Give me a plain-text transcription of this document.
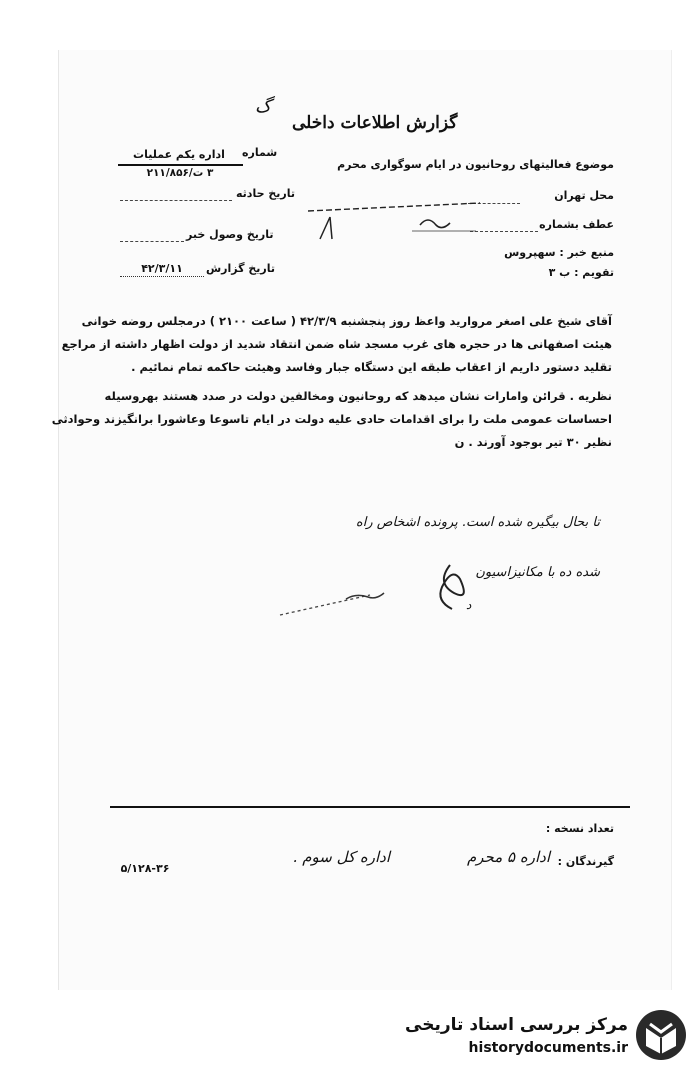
گ
گزارش اطلاعات داخلی
شماره
اداره یکم عملیات
۳ ت/۲۱۱/۸۵۶
تاریخ حادثه
تاریخ وصول خبر
تاریخ گزارش
۴۲/۳/۱۱
موضوع فعالیتهای روحانیون در ایام سوگواری محرم
محل تهران
عطف بشماره
منبع خبر : سهپروس
تقویم : ب ۳
آقای شیخ علی اصغر مروارید واعظ روز پنجشنبه ۴۲/۳/۹ ( ساعت ۲۱۰۰ ) درمجلس روضه خوانی
هیئت اصفهانی ها در حجره های غرب مسجد شاه ضمن انتقاد شدید از دولت اظهار داشته از مراجع
تقلید دستور داریم از اعقاب طبقه این دستگاه جبار وفاسد وهیئت حاکمه تمام نمائیم .
نظریه . قرائن وامارات نشان میدهد که روحانیون ومخالفین دولت در صدد هستند بهروسیله
احساسات عمومی ملت را برای اقدامات حادی علیه دولت در ایام تاسوعا وعاشورا برانگیزند وحوادثی
نظیر ۳۰ تیر بوجود آورند . ن
تا بحال بیگیره شده است. پرونده اشخاص راه
شده ده با مکانیزاسیون
د
تعداد نسخه :
گیرندگان :
اداره ۵ محرم
اداره کل سوم .
۵/۱۲۸-۳۶
مرکز بررسی اسناد تاریخی
historydocuments.ir
